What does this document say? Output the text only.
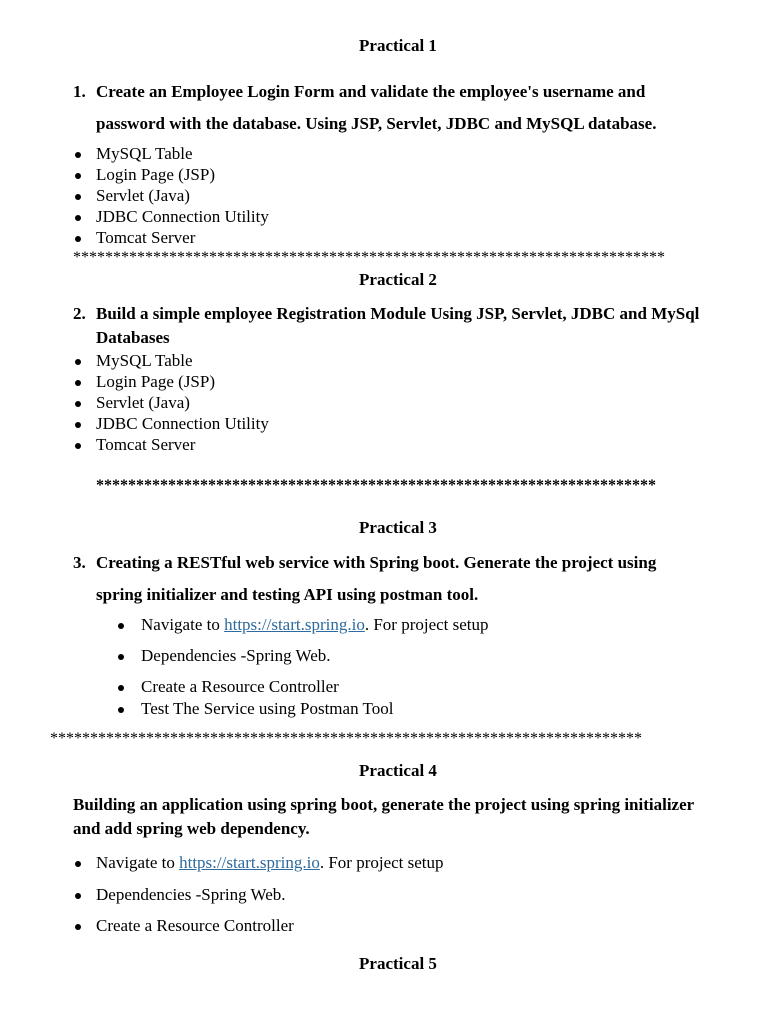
Practical 1
1. Create an Employee Login Form and validate the employee's username and
password with the database. Using JSP, Servlet, JDBC and MySQL database.
MySQL Table
Login Page (JSP)
Servlet (Java)
JDBC Connection Utility
Tomcat Server
**************************************************************************
Practical 2
2. Build a simple employee Registration Module Using JSP, Servlet, JDBC and MySql
Databases
MySQL Table
Login Page (JSP)
Servlet (Java)
JDBC Connection Utility
Tomcat Server
**********************************************************************
Practical 3
3. Creating a RESTful web service with Spring boot. Generate the project using
spring initializer and testing API using postman tool.
Navigate to https://start.spring.io. For project setup
Dependencies -Spring Web.
Create a Resource Controller
Test The Service using Postman Tool
**************************************************************************
Practical 4
Building an application using spring boot, generate the project using spring initializer
and add spring web dependency.
Navigate to https://start.spring.io. For project setup
Dependencies -Spring Web.
Create a Resource Controller
Practical 5
